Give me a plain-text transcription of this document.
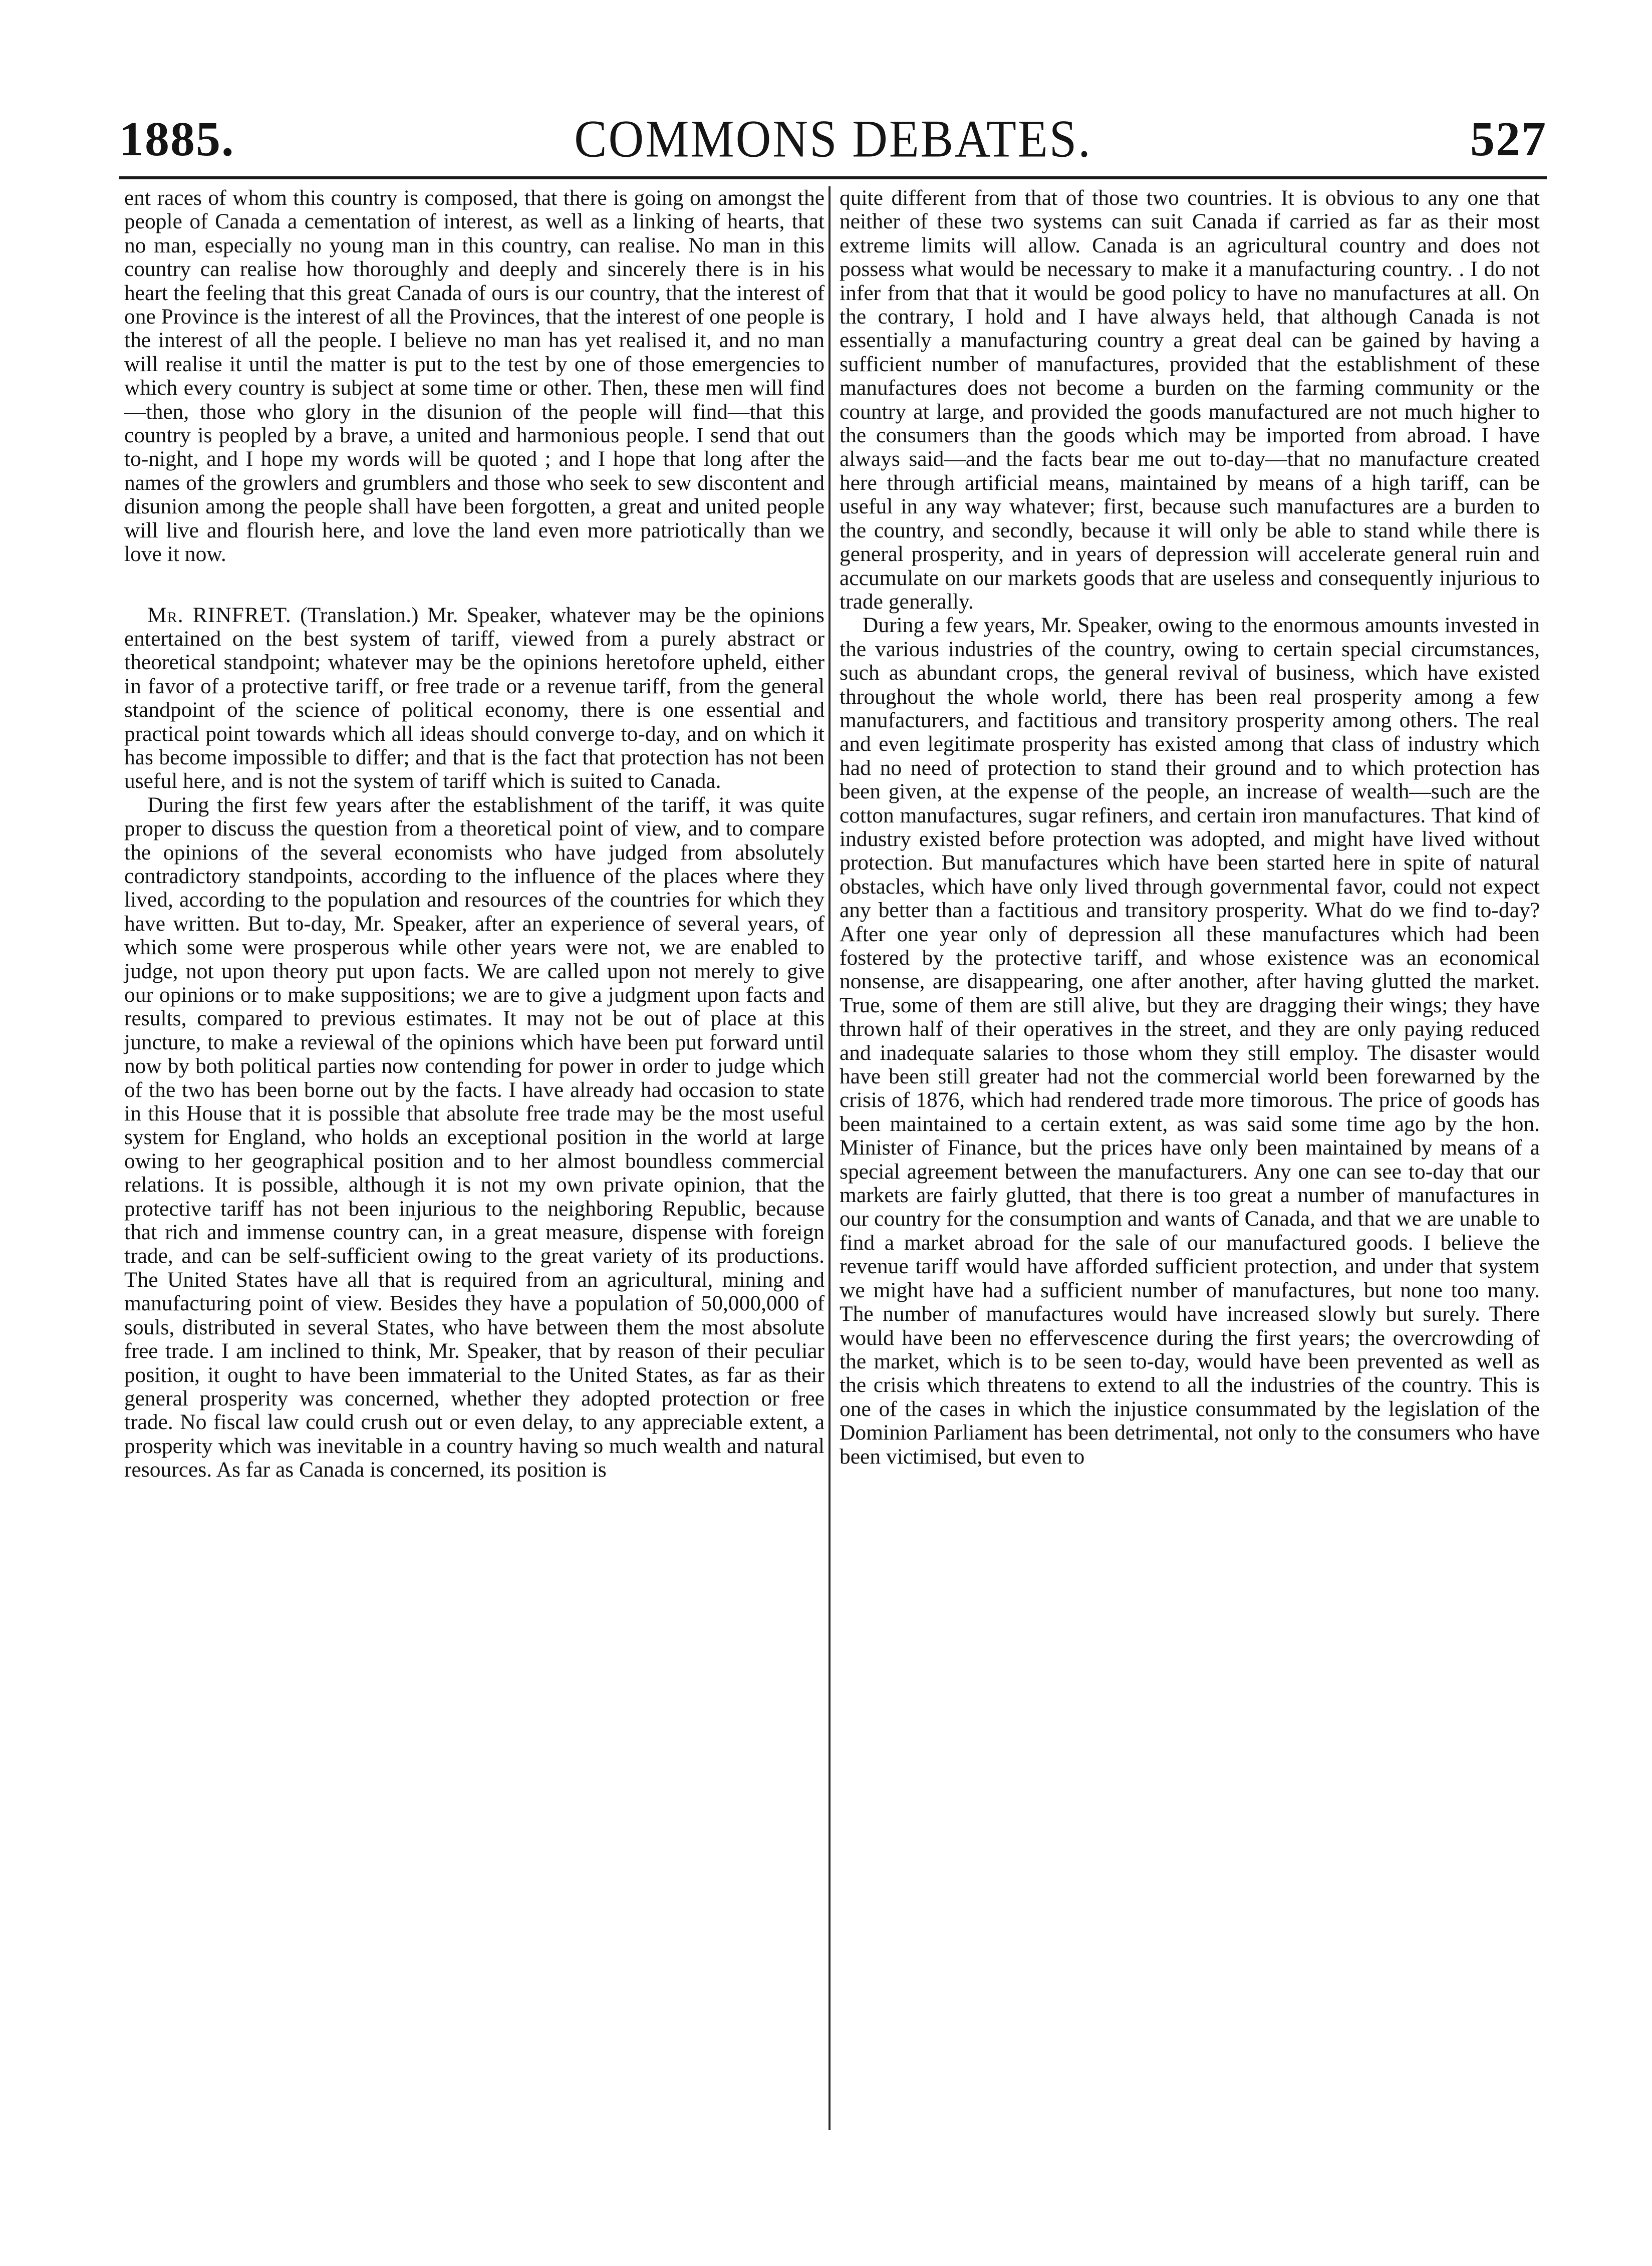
1885.	COMMONS DEBATES.	527

ent races of whom this country is composed, that there is going on amongst the people of Canada a cementation of interest, as well as a linking of hearts, that no man, especially no young man in this country, can realise. No man in this country can realise how thoroughly and deeply and sincerely there is in his heart the feeling that this great Canada of ours is our country, that the interest of one Province is the interest of all the Provinces, that the interest of one people is the interest of all the people. I believe no man has yet realised it, and no man will realise it until the matter is put to the test by one of those emergencies to which every country is subject at some time or other. Then, these men will find—then, those who glory in the disunion of the people will find—that this country is peopled by a brave, a united and harmonious people. I send that out to-night, and I hope my words will be quoted ; and I hope that long after the names of the growlers and grumblers and those who seek to sew discontent and disunion among the people shall have been forgotten, a great and united people will live and flourish here, and love the land even more patriotically than we love it now.

Mr. RINFRET. (Translation.) Mr. Speaker, whatever may be the opinions entertained on the best system of tariff, viewed from a purely abstract or theoretical standpoint; whatever may be the opinions heretofore upheld, either in favor of a protective tariff, or free trade or a revenue tariff, from the general standpoint of the science of political economy, there is one essential and practical point towards which all ideas should converge to-day, and on which it has become impossible to differ; and that is the fact that protection has not been useful here, and is not the system of tariff which is suited to Canada.

During the first few years after the establishment of the tariff, it was quite proper to discuss the question from a theoretical point of view, and to compare the opinions of the several economists who have judged from absolutely contradictory standpoints, according to the influence of the places where they lived, according to the population and resources of the countries for which they have written. But to-day, Mr. Speaker, after an experience of several years, of which some were prosperous while other years were not, we are enabled to judge, not upon theory put upon facts. We are called upon not merely to give our opinions or to make suppositions; we are to give a judgment upon facts and results, compared to previous estimates. It may not be out of place at this juncture, to make a reviewal of the opinions which have been put forward until now by both political parties now contending for power in order to judge which of the two has been borne out by the facts. I have already had occasion to state in this House that it is possible that absolute free trade may be the most useful system for England, who holds an exceptional position in the world at large owing to her geographical position and to her almost boundless commercial relations. It is possible, although it is not my own private opinion, that the protective tariff has not been injurious to the neighboring Republic, because that rich and immense country can, in a great measure, dispense with foreign trade, and can be self-sufficient owing to the great variety of its productions. The United States have all that is required from an agricultural, mining and manufacturing point of view. Besides they have a population of 50,000,000 of souls, distributed in several States, who have between them the most absolute free trade. I am inclined to think, Mr. Speaker, that by reason of their peculiar position, it ought to have been immaterial to the United States, as far as their general prosperity was concerned, whether they adopted protection or free trade. No fiscal law could crush out or even delay, to any appreciable extent, a prosperity which was inevitable in a country having so much wealth and natural resources. As far as Canada is concerned, its position is

quite different from that of those two countries. It is obvious to any one that neither of these two systems can suit Canada if carried as far as their most extreme limits will allow. Canada is an agricultural country and does not possess what would be necessary to make it a manufacturing country. . I do not infer from that that it would be good policy to have no manufactures at all. On the contrary, I hold and I have always held, that although Canada is not essentially a manufacturing country a great deal can be gained by having a sufficient number of manufactures, provided that the establishment of these manufactures does not become a burden on the farming community or the country at large, and provided the goods manufactured are not much higher to the consumers than the goods which may be imported from abroad. I have always said—and the facts bear me out to-day—that no manufacture created here through artificial means, maintained by means of a high tariff, can be useful in any way whatever; first, because such manufactures are a burden to the country, and secondly, because it will only be able to stand while there is general prosperity, and in years of depression will accelerate general ruin and accumulate on our markets goods that are useless and consequently injurious to trade generally.

During a few years, Mr. Speaker, owing to the enormous amounts invested in the various industries of the country, owing to certain special circumstances, such as abundant crops, the general revival of business, which have existed throughout the whole world, there has been real prosperity among a few manufacturers, and factitious and transitory prosperity among others. The real and even legitimate prosperity has existed among that class of industry which had no need of protection to stand their ground and to which protection has been given, at the expense of the people, an increase of wealth—such are the cotton manufactures, sugar refiners, and certain iron manufactures. That kind of industry existed before protection was adopted, and might have lived without protection. But manufactures which have been started here in spite of natural obstacles, which have only lived through governmental favor, could not expect any better than a factitious and transitory prosperity. What do we find to-day? After one year only of depression all these manufactures which had been fostered by the protective tariff, and whose existence was an economical nonsense, are disappearing, one after another, after having glutted the market. True, some of them are still alive, but they are dragging their wings; they have thrown half of their operatives in the street, and they are only paying reduced and inadequate salaries to those whom they still employ. The disaster would have been still greater had not the commercial world been forewarned by the crisis of 1876, which had rendered trade more timorous. The price of goods has been maintained to a certain extent, as was said some time ago by the hon. Minister of Finance, but the prices have only been maintained by means of a special agreement between the manufacturers. Any one can see to-day that our markets are fairly glutted, that there is too great a number of manufactures in our country for the consumption and wants of Canada, and that we are unable to find a market abroad for the sale of our manufactured goods. I believe the revenue tariff would have afforded sufficient protection, and under that system we might have had a sufficient number of manufactures, but none too many. The number of manufactures would have increased slowly but surely. There would have been no effervescence during the first years; the overcrowding of the market, which is to be seen to-day, would have been prevented as well as the crisis which threatens to extend to all the industries of the country. This is one of the cases in which the injustice consummated by the legislation of the Dominion Parliament has been detrimental, not only to the consumers who have been victimised, but even to
